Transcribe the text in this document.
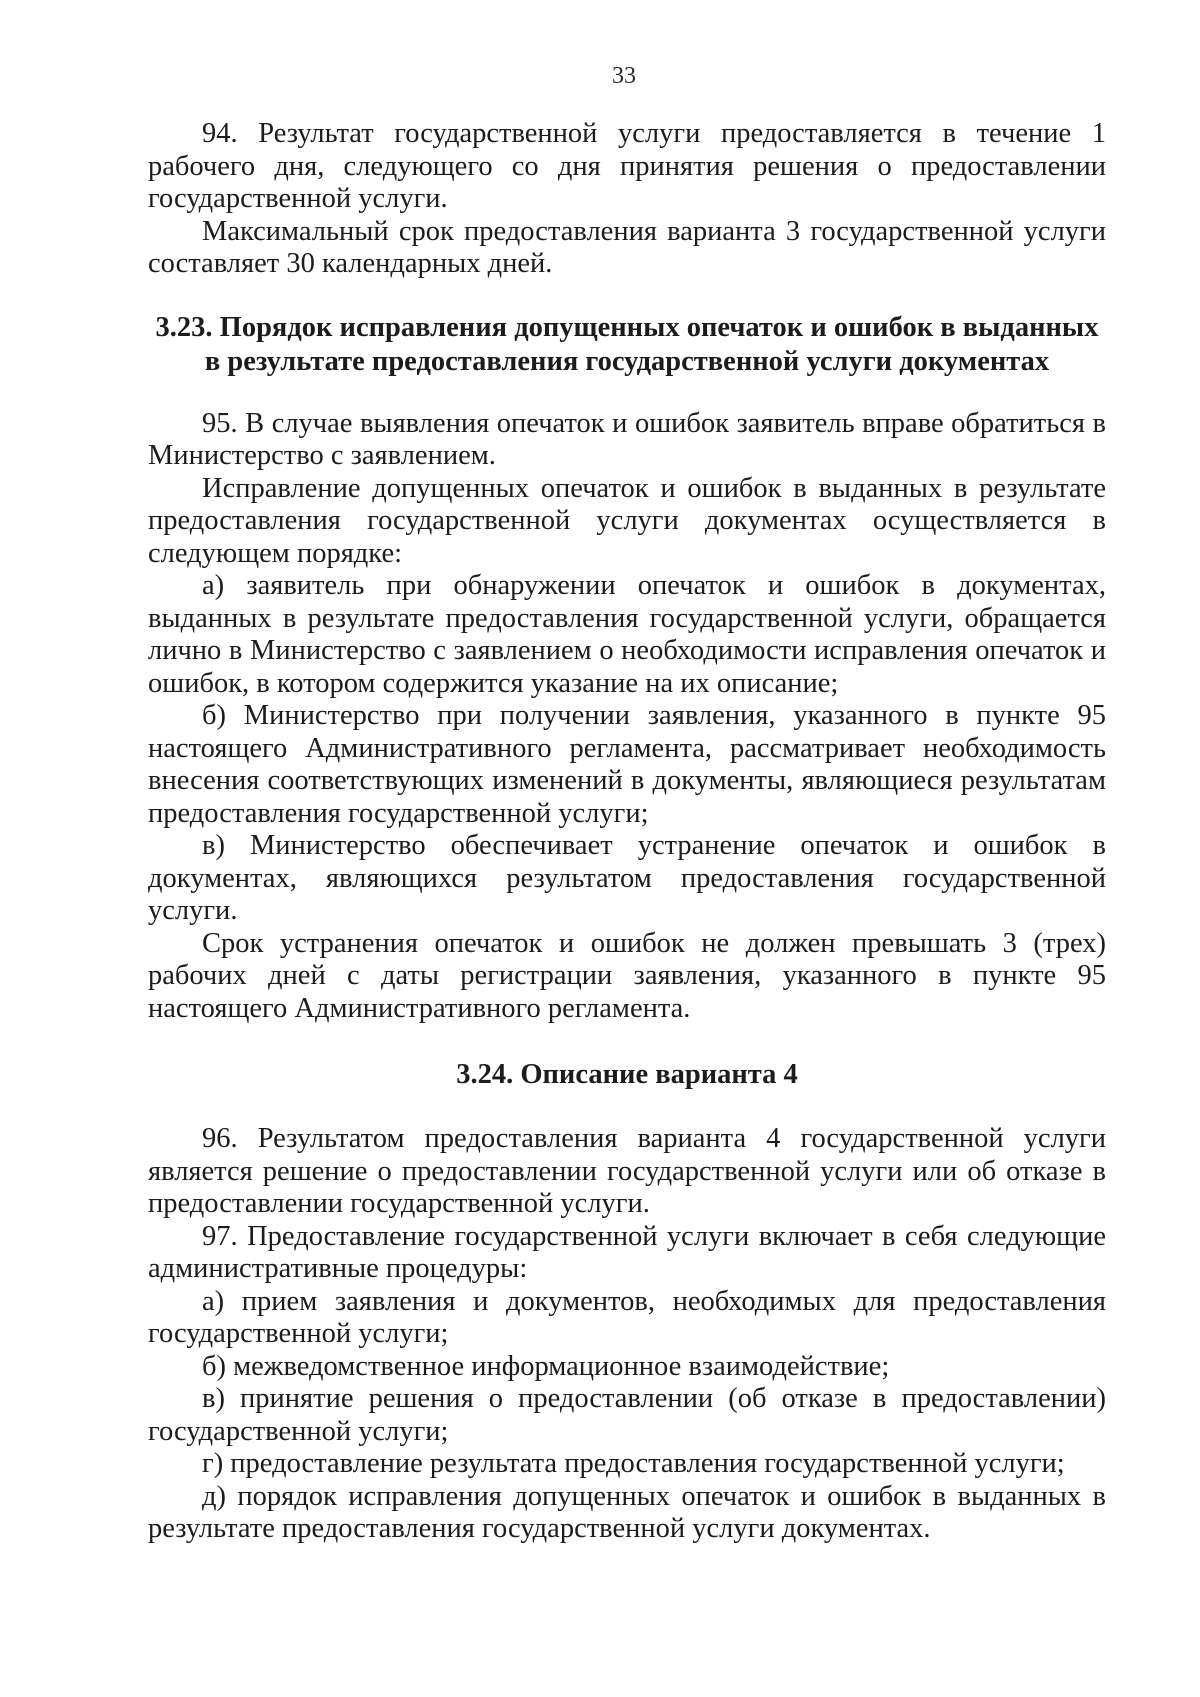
33

94. Результат государственной услуги предоставляется в течение 1 рабочего дня, следующего со дня принятия решения о предоставлении государственной услуги.

Максимальный срок предоставления варианта 3 государственной услуги составляет 30 календарных дней.

3.23. Порядок исправления допущенных опечаток и ошибок в выданных

в результате предоставления государственной услуги документах

95. В случае выявления опечаток и ошибок заявитель вправе обратиться в Министерство с заявлением.

Исправление допущенных опечаток и ошибок в выданных в результате предоставления государственной услуги документах осуществляется в следующем порядке:

а) заявитель при обнаружении опечаток и ошибок в документах, выданных в результате предоставления государственной услуги, обращается лично в Министерство с заявлением о необходимости исправления опечаток и ошибок, в котором содержится указание на их описание;

б) Министерство при получении заявления, указанного в пункте 95 настоящего Административного регламента, рассматривает необходимость внесения соответствующих изменений в документы, являющиеся результатам предоставления государственной услуги;

в) Министерство обеспечивает устранение опечаток и ошибок в документах, являющихся результатом предоставления государственной услуги.

Срок устранения опечаток и ошибок не должен превышать 3 (трех) рабочих дней с даты регистрации заявления, указанного в пункте 95 настоящего Административного регламента.

3.24. Описание варианта 4

96. Результатом предоставления варианта 4 государственной услуги является решение о предоставлении государственной услуги или об отказе в предоставлении государственной услуги.

97. Предоставление государственной услуги включает в себя следующие административные процедуры:

а) прием заявления и документов, необходимых для предоставления государственной услуги;

б) межведомственное информационное взаимодействие;

в) принятие решения о предоставлении (об отказе в предоставлении) государственной услуги;

г) предоставление результата предоставления государственной услуги;

д) порядок исправления допущенных опечаток и ошибок в выданных в результате предоставления государственной услуги документах.
